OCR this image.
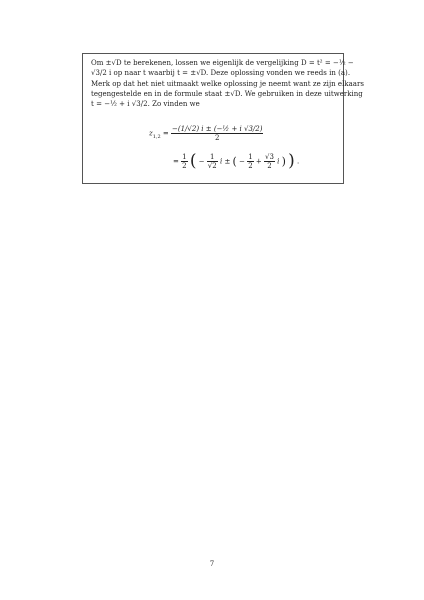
Om ±√D te berekenen, lossen we eigenlijk de vergelijking D = t² = −½ −
√3/2 i op naar t waarbij t = ±√D. Deze oplossing vonden we reeds in (a).
Merk op dat het niet uitmaakt welke oplossing je neemt want ze zijn elkaars
tegengestelde en in de formule staat ±√D. We gebruiken in deze uitwerking
t = −½ + i √3/2. Zo vinden we
$z_{1,2} = \frac{\text{−(1/√2) i ± (−½ + i √3/2)}}{2}$
= $\frac{1}{2}$ ( − $\frac{1}{√2}$ i ± ( − $\frac{1}{2} + \frac{√3}{2}$ i ) ) .
7
